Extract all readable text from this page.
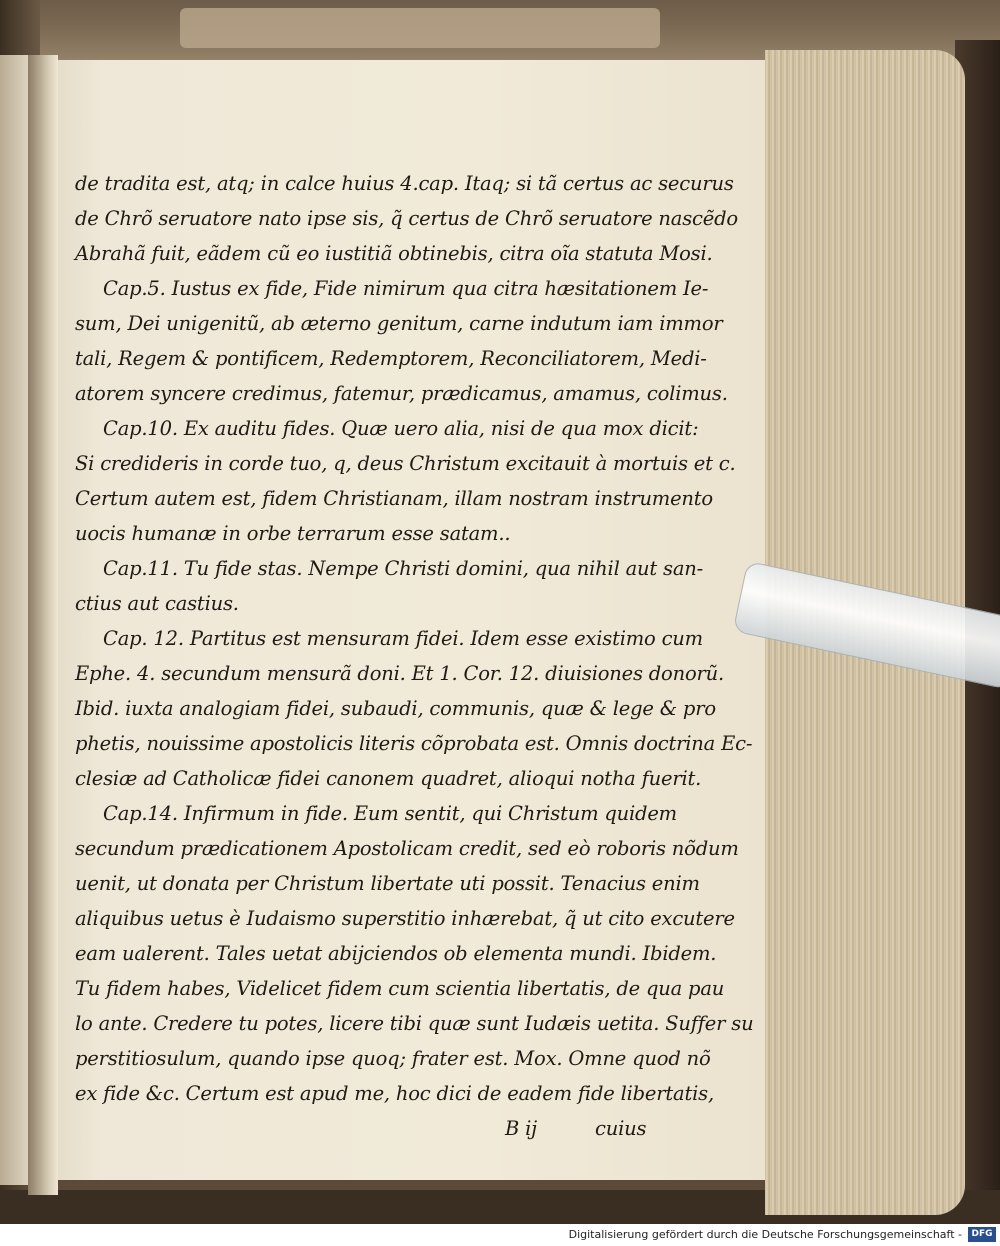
de tradita est, atq; in calce huius 4.cap. Itaq; si tã certus ac securus
de Chrõ seruatore nato ipse sis, q̃ certus de Chrõ seruatore nascẽdo
Abrahã fuit, eãdem cũ eo iustitiã obtinebis, citra oĩa statuta Mosi.
Cap.5. Iustus ex fide, Fide nimirum qua citra hæsitationem Ie-
sum, Dei unigenitũ, ab æterno genitum, carne indutum iam immor
tali, Regem & pontificem, Redemptorem, Reconciliatorem, Medi-
atorem syncere credimus, fatemur, prædicamus, amamus, colimus.
Cap.10. Ex auditu fides. Quæ uero alia, nisi de qua mox dicit:
Si credideris in corde tuo, q, deus Christum excitauit à mortuis et c.
Certum autem est, fidem Christianam, illam nostram instrumento
uocis humanæ in orbe terrarum esse satam..
Cap.11. Tu fide stas. Nempe Christi domini, qua nihil aut san-
ctius aut castius.
Cap. 12. Partitus est mensuram fidei. Idem esse existimo cum
Ephe. 4. secundum mensurã doni. Et 1. Cor. 12. diuisiones donorũ.
Ibid. iuxta analogiam fidei, subaudi, communis, quæ & lege & pro
phetis, nouissime apostolicis literis cõprobata est. Omnis doctrina Ec-
clesiæ ad Catholicæ fidei canonem quadret, alioqui notha fuerit.
Cap.14. Infirmum in fide. Eum sentit, qui Christum quidem
secundum prædicationem Apostolicam credit, sed eò roboris nõdum
uenit, ut donata per Christum libertate uti possit. Tenacius enim
aliquibus uetus è Iudaismo superstitio inhærebat, q̃ ut cito excutere
eam ualerent. Tales uetat abijciendos ob elementa mundi. Ibidem.
Tu fidem habes, Videlicet fidem cum scientia libertatis, de qua pau
lo ante. Credere tu potes, licere tibi quæ sunt Iudæis uetita. Suffer su
perstitiosulum, quando ipse quoq; frater est. Mox. Omne quod nõ
ex fide &c. Certum est apud me, hoc dici de eadem fide libertatis,
B ij	cuius
Digitalisierung gefördert durch die Deutsche Forschungsgemeinschaft -	DFG
